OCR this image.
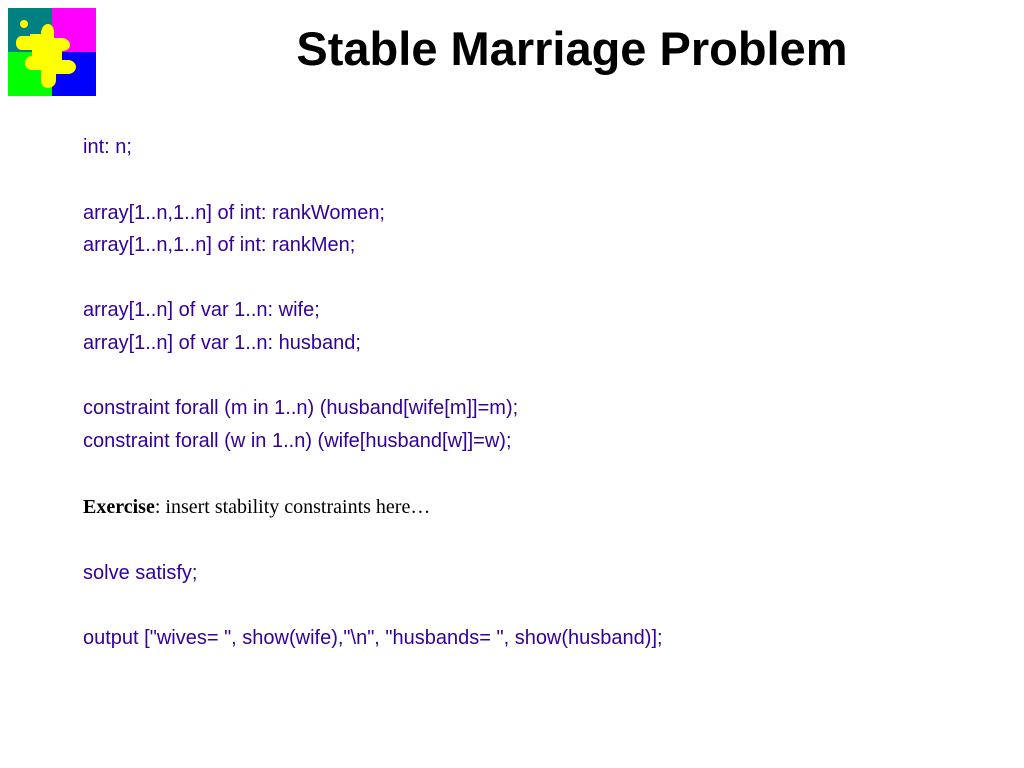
Stable Marriage Problem
int: n;
array[1..n,1..n] of int: rankWomen;
array[1..n,1..n] of int: rankMen;
array[1..n] of var 1..n: wife;
array[1..n] of var 1..n: husband;
constraint forall (m in 1..n) (husband[wife[m]]=m);
constraint forall (w in 1..n) (wife[husband[w]]=w);
Exercise: insert stability constraints here…
solve satisfy;
output ["wives= ", show(wife),"\n", "husbands= ", show(husband)];
